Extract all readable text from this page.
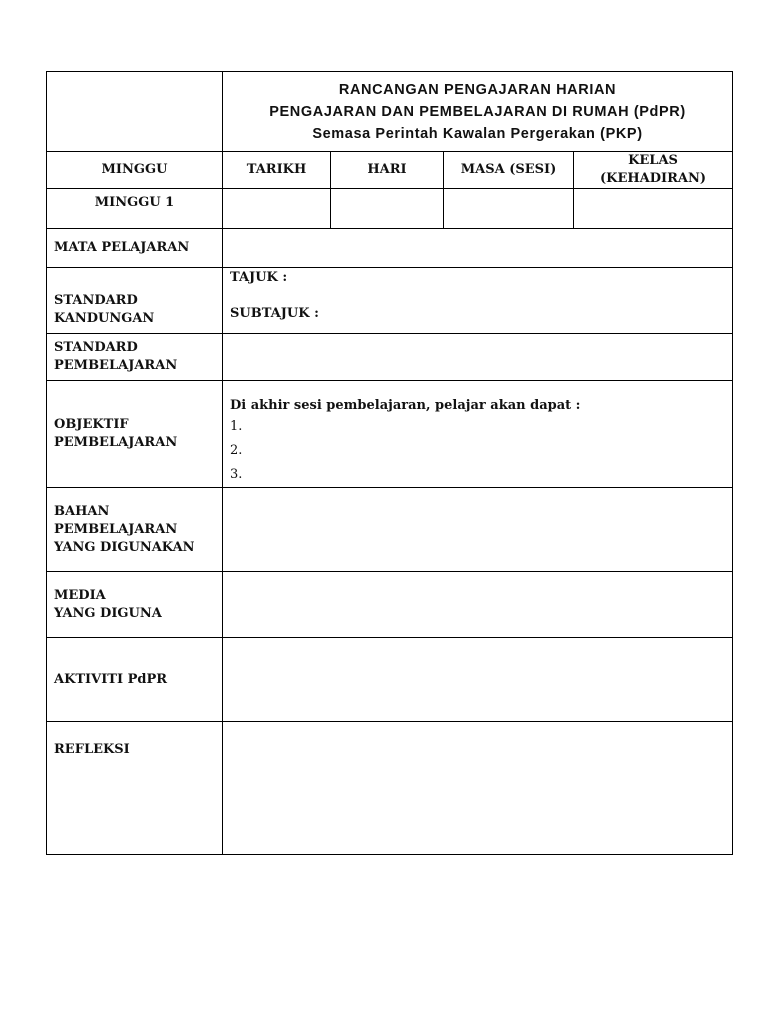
	RANCANGAN PENGAJARAN HARIAN
PENGAJARAN DAN PEMBELAJARAN DI RUMAH (PdPR)
Semasa Perintah Kawalan Pergerakan (PKP)			

MINGGU	TARIKH	HARI	MASA (SESI)	KELAS
(KEHADIRAN)

MINGGU 1				
MATA PELAJARAN				

STANDARD
KANDUNGAN	TAJUK :
SUBTAJUK :			

STANDARD
PEMBELAJARAN				

OBJEKTIF
PEMBELAJARAN	Di akhir sesi pembelajaran, pelajar akan dapat :
1.
2.
3.			

BAHAN
PEMBELAJARAN
YANG DIGUNAKAN				

MEDIA
YANG DIGUNA				

AKTIVITI PdPR				
REFLEKSI				
